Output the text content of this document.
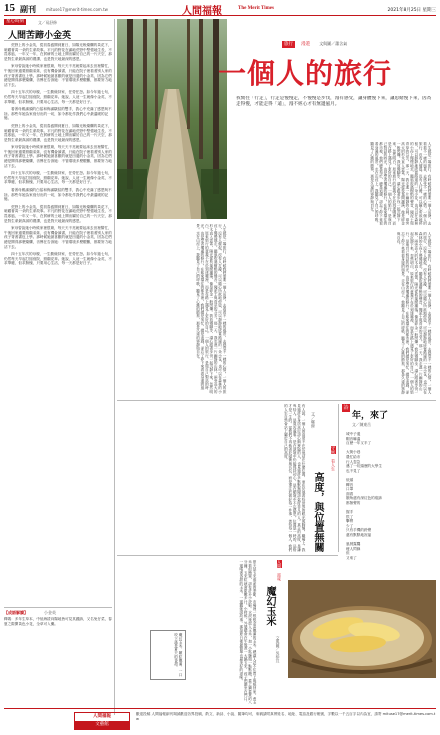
15 副刊	mituse17@merit-times.com.tw	人間福報	The Merit Times	2021年8月25日 星期三
星心時刻	文／易舒修
人間苦蹄小金英

荒野上的小金英，從初春盛開到夏日，如陽光般燦爛的黃花下，暗藏著黃一朵的生命故事。平凡的野花在滿地荒野中堅強地生長，不畏寒風，一年又一年，在貧瘠的土地上開出屬於自己的一片天空，那是對生命最真誠的禮讚，也是對天地最深的感恩。

家母曾說她小時候家裡很窮，每天天不亮就要起床去田裡幫忙，午後回家還要照顧弟妹，沒有機會讀書，只能在院子裡看著別人家的孩子背著書包上學。那時候她最喜歡的就是田邊的小金英，因為它們總是開得那麼燦爛，彷彿在告訴她：不管環境多麼艱難，都要努力地活下去。

四十五年次的母親，一生勤儉持家，任勞任怨。如今年過七旬，仍然每天早起打掃庭院，照顧花草。她說，人這一生就像小金英，不求華麗，但求無愧，只要用心生活，每一天都是好日子。

看著母親滿頭的白髮和佈滿皺紋的雙手，我心中充滿了感恩與不捨。那些年她為家庭付出的一切，如今都化作我們心中最溫暖的記憶。

荒野上的小金英，從初春盛開到夏日，如陽光般燦爛的黃花下，暗藏著黃一朵的生命故事。平凡的野花在滿地荒野中堅強地生長，不畏寒風，一年又一年，在貧瘠的土地上開出屬於自己的一片天空，那是對生命最真誠的禮讚，也是對天地最深的感恩。

家母曾說她小時候家裡很窮，每天天不亮就要起床去田裡幫忙，午後回家還要照顧弟妹，沒有機會讀書，只能在院子裡看著別人家的孩子背著書包上學。那時候她最喜歡的就是田邊的小金英，因為它們總是開得那麼燦爛，彷彿在告訴她：不管環境多麼艱難，都要努力地活下去。

四十五年次的母親，一生勤儉持家，任勞任怨。如今年過七旬，仍然每天早起打掃庭院，照顧花草。她說，人這一生就像小金英，不求華麗，但求無愧，只要用心生活，每一天都是好日子。

看著母親滿頭的白髮和佈滿皺紋的雙手，我心中充滿了感恩與不捨。那些年她為家庭付出的一切，如今都化作我們心中最溫暖的記憶。

荒野上的小金英，從初春盛開到夏日，如陽光般燦爛的黃花下，暗藏著黃一朵的生命故事。平凡的野花在滿地荒野中堅強地生長，不畏寒風，一年又一年，在貧瘠的土地上開出屬於自己的一片天空，那是對生命最真誠的禮讚，也是對天地最深的感恩。

家母曾說她小時候家裡很窮，每天天不亮就要起床去田裡幫忙，午後回家還要照顧弟妹，沒有機會讀書，只能在院子裡看著別人家的孩子背著書包上學。那時候她最喜歡的就是田邊的小金英，因為它們總是開得那麼燦爛，彷彿在告訴她：不管環境多麼艱難，都要努力地活下去。

四十五年次的母親，一生勤儉持家，任勞任怨。如今年過七旬，仍然每天早起打掃庭院，照顧花草。她說，人這一生就像小金英，不求華麗，但求無愧，只要用心生活，每一天都是好日子。

【成語解讀】	小金英
釋義：多年生草本，中低海拔向陽地皆可見其蹤跡，又名兔仔菜，春夏之際開黃色小花，全草可入藥。
旅行 漫遊 文與圖／蕭含氣
一個人的旅行
我嚮往「行走」，行走是慢慢走，不慢慢是步伐，漫有感受，讓身體慢下來，讓思緒慢下來，因為走得慢，才能走得「遠」，漫不經心才有無邊風月。
人生就是一場旅行，有時候我們需要一個人出發，去看看不一樣的風景，去感受不一樣的心情。一個人的旅行，沒有人催促，沒有人打擾，可以隨心所欲地停留，可以靜靜地欣賞路邊的一朵小花，也可以在森林的小徑上慢慢地走，聽風吹過樹梢的聲音，聞泥土與青草的芬芳。那一天，我走進一片幽靜的山林，兩旁高大的杉木直入雲霄，陽光從枝葉間灑落，像是碎金一般閃爍。我放慢腳步，讓心跟著步伐一起沉靜下來，忽然明白，原來旅行的意義不在於到達哪裡，而是在路上遇見了更好的自己。一個人的旅行，是與自己對話的時光，也是學習獨處的修行。在熙來攘往的都市裡，我們總是匆忙，總是追趕，卻忘了停下來看看身邊的風景。走在山徑上，我聽見了自己的呼吸，聽見了心跳的節奏，那是久違的寧靜與自在。
人生就是一場旅行，有時候我們需要一個人出發，去看看不一樣的風景，去感受不一樣的心情。一個人的旅行，沒有人催促，沒有人打擾，可以隨心所欲地停留，可以靜靜地欣賞路邊的一朵小花，也可以在森林的小徑上慢慢地走，聽風吹過樹梢的聲音，聞泥土與青草的芬芳。那一天，我走進一片幽靜的山林，兩旁高大的杉木直入雲霄，陽光從枝葉間灑落，像是碎金一般閃爍。我放慢腳步，讓心跟著步伐一起沉靜下來，忽然明白，原來旅行的意義不在於到達哪裡，而是在路上遇見了更好的自己。一個人的旅行，是與自己對話的時光，也是學習獨處的修行。在熙來攘往的都市裡，我們總是匆忙，總是追趕，卻忘了停下來看看身邊的風景。走在山徑上，我聽見了自己的呼吸，聽見了心跳的節奏，那是久違的寧靜與自在。	人生就是一場旅行，有時候我們需要一個人出發，去看看不一樣的風景，去感受不一樣的心情。一個人的旅行，沒有人催促，沒有人打擾，可以隨心所欲地停留，可以靜靜地欣賞路邊的一朵小花，也可以在森林的小徑上慢慢地走，聽風吹過樹梢的聲音，聞泥土與青草的芬芳。那一天，我走進一片幽靜的山林，兩旁高大的杉木直入雲霄，陽光從枝葉間灑落，像是碎金一般閃爍。我放慢腳步，讓心跟著步伐一起沉靜下來，忽然明白，原來旅行的意義不在於到達哪裡，而是在路上遇見了更好的自己。一個人的旅行，是與自己對話的時光，也是學習獨處的修行。在熙來攘往的都市裡，我們總是匆忙，總是追趕，卻忘了停下來看看身邊的風景。走在山徑上，我聽見了自己的呼吸，聽見了心跳的節奏，那是久違的寧靜與自在。
有人說，一個人的高度不在於他站在什麼位置，而在於他看待世界的眼光與胸懷。職場上，我見過許多身居高位卻心胸狹隘的人，也見過許多默默無聞卻氣度非凡的人。真正的高度，是謙卑待人，是寬容處事，是在逆境中仍能保持初心，是在順境中不忘感恩。位置是一時的，品格才是一生的。當我們不再執著於頭銜與名位，而是專注於做好每一件事、善待每一個人，我們的人生自然會站上屬於自己的高度。	守候 看人生
高度，與位置無關
文／鄭修
詩
年，來了
文／陳東岳
城中子邊
帽音嘛溫
百歷一年又半了
大街小巷
農忙給市
行人忽急
邁了一坑頭歷的大學生
也不見了
低頭
轉首
口罩
面看
額角還有深紅色的痕跡
都無聲的
握手
拱了
擊臂
少了
只有手機的鈴聲
還有默默地祝福
風餐露鷹
瘦人閃線
但
又來了
夏天是玉米盛產的季節，市場裡一根根金黃飽滿的玉米，總讓人忍不住買上幾根回家。煮玉米看似簡單，卻有許多小訣竅。水滾後放入玉米，加一小匙鹽與一點點糖，蓋上鍋蓋煮約八分鐘，玉米粒就會甜嫩多汁。小時候，外婆總會在午後煮一大鍋玉米，孩子們圍坐在門口，一邊啃著香甜的玉米，一邊聽她說故事。那是夏日裡最簡單也最美好的滋味。
魔幻玉米，顆粒飽滿，一口咬下滿是夏天的香甜。
人間 滋味
魔幻玉米
文與圖／吳仲宜
人間福報
文藝館
歡迎投稿 人間福報副刊竭誠歡迎各界投稿，散文、新詩、小說、隨筆均可，來稿請附真實姓名、地址、電話及銀行帳號，字數以一千五百字以內為宜，請寄 mituse17@merit-times.com.tw
